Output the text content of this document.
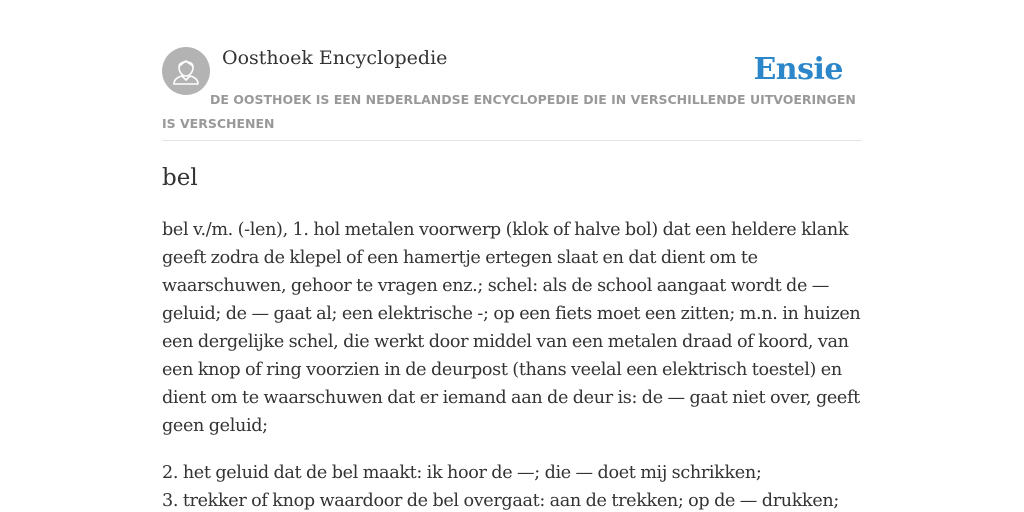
Oosthoek Encyclopedie	Ensie
DE OOSTHOEK IS EEN NEDERLANDSE ENCYCLOPEDIE DIE IN VERSCHILLENDE UITVOERINGEN IS VERSCHENEN
bel

bel v./m. (-len), 1. hol metalen voorwerp (klok of halve bol) dat een heldere klank geeft zodra de klepel of een hamertje ertegen slaat en dat dient om te waarschuwen, gehoor te vragen enz.; schel: als de school aangaat wordt de — geluid; de — gaat al; een elektrische -; op een fiets moet een zitten; m.n. in huizen een dergelijke schel, die werkt door middel van een metalen draad of koord, van een knop of ring voorzien in de deurpost (thans veelal een elektrisch toestel) en dient om te waarschuwen dat er iemand aan de deur is: de — gaat niet over, geeft geen geluid;

2. het geluid dat de bel maakt: ik hoor de —; die — doet mij schrikken;

3. trekker of knop waardoor de bel overgaat: aan de trekken; op de — drukken;
